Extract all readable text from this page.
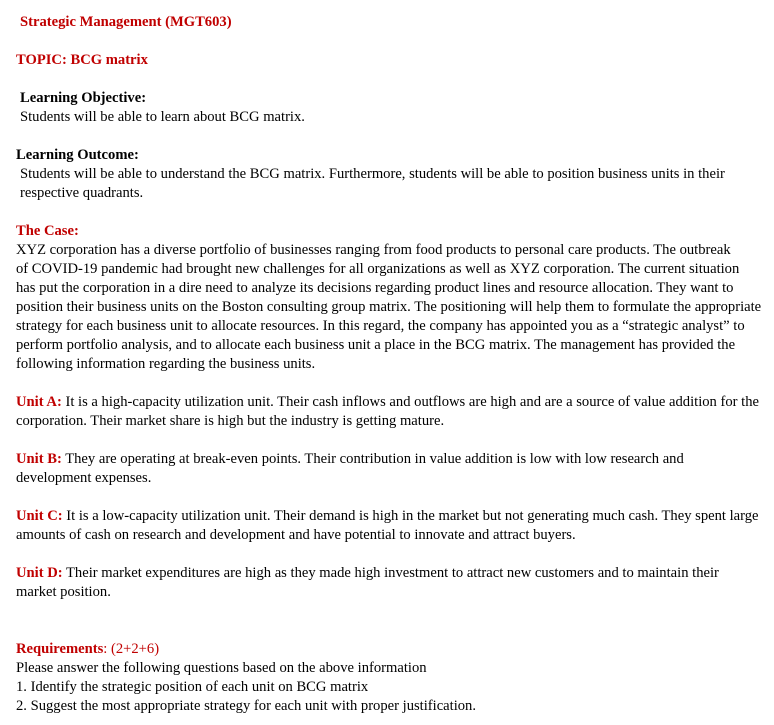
Strategic Management (MGT603)
TOPIC: BCG matrix

Learning Objective:

Students will be able to learn about BCG matrix.

Learning Outcome:

Students will be able to understand the BCG matrix. Furthermore, students will be able to position business units in their respective quadrants.

The Case:

XYZ corporation has a diverse portfolio of businesses ranging from food products to personal care products. The outbreak

of COVID-19 pandemic had brought new challenges for all organizations as well as XYZ corporation. The current situation

has put the corporation in a dire need to analyze its decisions regarding product lines and resource allocation. They want to

position their business units on the Boston consulting group matrix. The positioning will help them to formulate the appropriate

strategy for each business unit to allocate resources. In this regard, the company has appointed you as a “strategic analyst” to

perform portfolio analysis, and to allocate each business unit a place in the BCG matrix. The management has provided the

following information regarding the business units.

Unit A: It is a high-capacity utilization unit. Their cash inflows and outflows are high and are a source of value addition for the

corporation. Their market share is high but the industry is getting mature.

Unit B: They are operating at break-even points. Their contribution in value addition is low with low research and

development expenses.

Unit C: It is a low-capacity utilization unit. Their demand is high in the market but not generating much cash. They spent large

amounts of cash on research and development and have potential to innovate and attract buyers.

Unit D: Their market expenditures are high as they made high investment to attract new customers and to maintain their

market position.

Requirements: (2+2+6)

Please answer the following questions based on the above information

1. Identify the strategic position of each unit on BCG matrix

2. Suggest the most appropriate strategy for each unit with proper justification.
